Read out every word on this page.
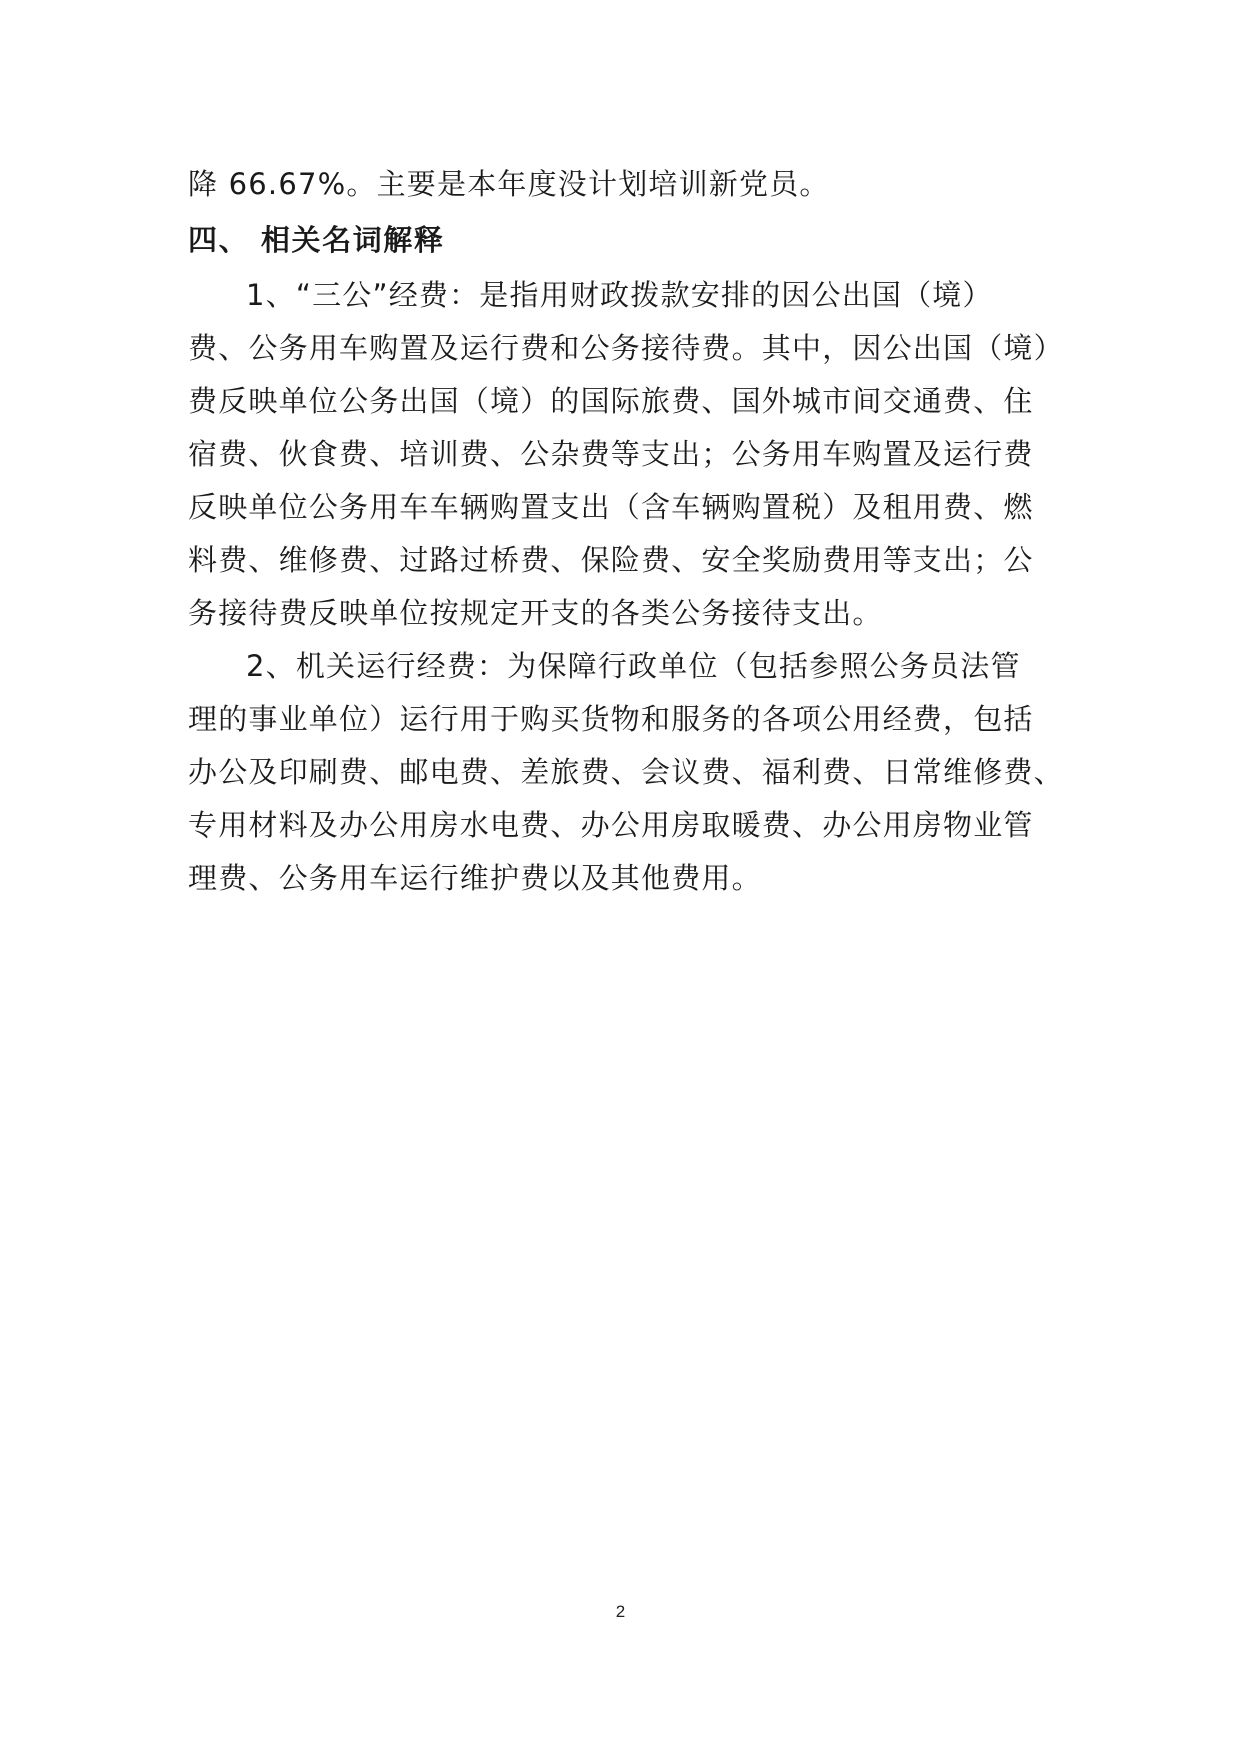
降 66.67%。主要是本年度没计划培训新党员。
四、 相关名词解释
1、“三公”经费：是指用财政拨款安排的因公出国（境）
费、公务用车购置及运行费和公务接待费。其中，因公出国（境）
费反映单位公务出国（境）的国际旅费、国外城市间交通费、住
宿费、伙食费、培训费、公杂费等支出；公务用车购置及运行费
反映单位公务用车车辆购置支出（含车辆购置税）及租用费、燃
料费、维修费、过路过桥费、保险费、安全奖励费用等支出；公
务接待费反映单位按规定开支的各类公务接待支出。
2、机关运行经费：为保障行政单位（包括参照公务员法管
理的事业单位）运行用于购买货物和服务的各项公用经费，包括
办公及印刷费、邮电费、差旅费、会议费、福利费、日常维修费、
专用材料及办公用房水电费、办公用房取暖费、办公用房物业管
理费、公务用车运行维护费以及其他费用。
2
